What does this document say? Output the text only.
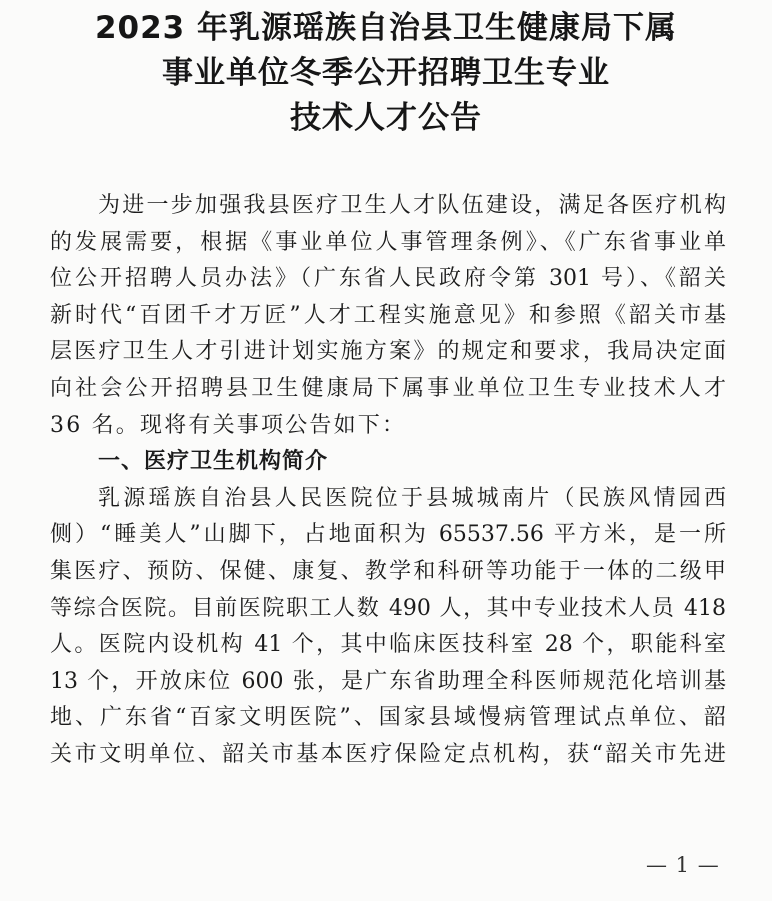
2023 年乳源瑶族自治县卫生健康局下属
事业单位冬季公开招聘卫生专业
技术人才公告
为进一步加强我县医疗卫生人才队伍建设，满足各医疗机构
的发展需要，根据《事业单位人事管理条例》、《广东省事业单
位公开招聘人员办法》（广东省人民政府令第 301 号）、《韶关
新时代“百团千才万匠”人才工程实施意见》和参照《韶关市基
层医疗卫生人才引进计划实施方案》的规定和要求，我局决定面
向社会公开招聘县卫生健康局下属事业单位卫生专业技术人才
36 名。现将有关事项公告如下：
一、医疗卫生机构简介
乳源瑶族自治县人民医院位于县城城南片（民族风情园西
侧）“睡美人”山脚下，占地面积为 65537.56 平方米，是一所
集医疗、预防、保健、康复、教学和科研等功能于一体的二级甲
等综合医院。目前医院职工人数 490 人，其中专业技术人员 418
人。医院内设机构 41 个，其中临床医技科室 28 个，职能科室
13 个，开放床位 600 张，是广东省助理全科医师规范化培训基
地、广东省“百家文明医院”、国家县域慢病管理试点单位、韶
关市文明单位、韶关市基本医疗保险定点机构，获“韶关市先进
— 1 —
